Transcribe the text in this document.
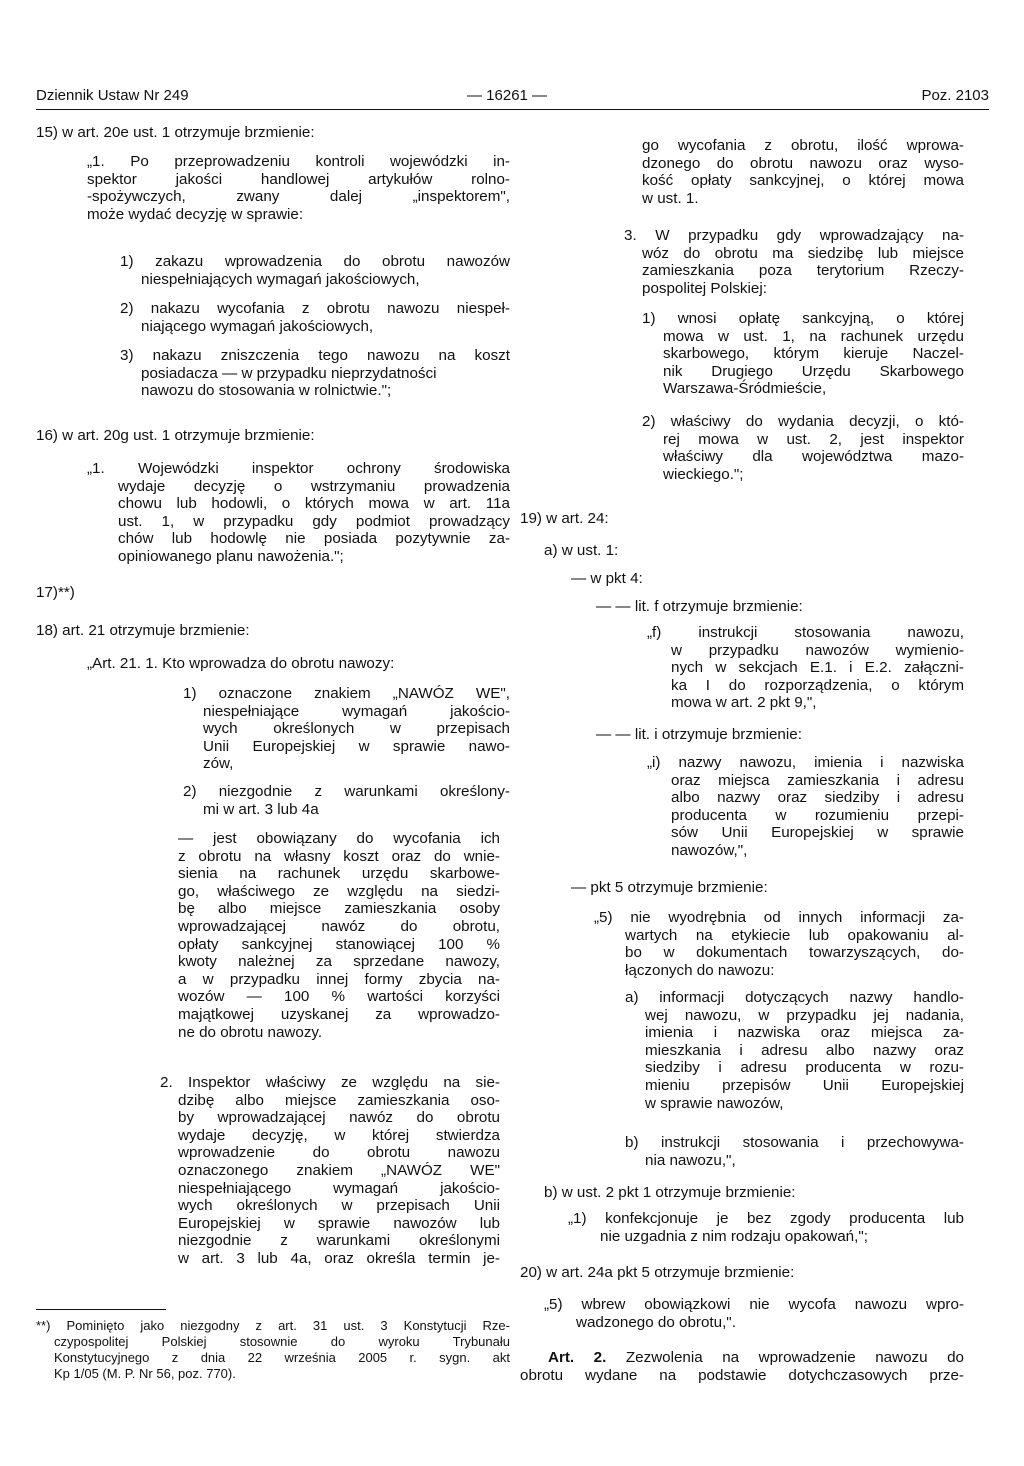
Dziennik Ustaw Nr 249	— 16261 —	Poz. 2103
15) w art. 20e ust. 1 otrzymuje brzmienie:
„1. Po przeprowadzeniu kontroli wojewódzki in-
spektor jakości handlowej artykułów rolno-
-spożywczych, zwany dalej „inspektorem",
może wydać decyzję w sprawie:
1) zakazu wprowadzenia do obrotu nawozów
niespełniających wymagań jakościowych,
2) nakazu wycofania z obrotu nawozu niespeł-
niającego wymagań jakościowych,
3) nakazu zniszczenia tego nawozu na koszt
posiadacza — w przypadku nieprzydatności
nawozu do stosowania w rolnictwie.";
16) w art. 20g ust. 1 otrzymuje brzmienie:
„1. Wojewódzki inspektor ochrony środowiska
wydaje decyzję o wstrzymaniu prowadzenia
chowu lub hodowli, o których mowa w art. 11a
ust. 1, w przypadku gdy podmiot prowadzący
chów lub hodowlę nie posiada pozytywnie za-
opiniowanego planu nawożenia.";
17)**)
18) art. 21 otrzymuje brzmienie:
„Art. 21. 1. Kto wprowadza do obrotu nawozy:
1) oznaczone znakiem „NAWÓZ WE",
niespełniające wymagań jakościo-
wych określonych w przepisach
Unii Europejskiej w sprawie nawo-
zów,
2) niezgodnie z warunkami określony-
mi w art. 3 lub 4a
— jest obowiązany do wycofania ich
z obrotu na własny koszt oraz do wnie-
sienia na rachunek urzędu skarbowe-
go, właściwego ze względu na siedzi-
bę albo miejsce zamieszkania osoby
wprowadzającej nawóz do obrotu,
opłaty sankcyjnej stanowiącej 100 %
kwoty należnej za sprzedane nawozy,
a w przypadku innej formy zbycia na-
wozów — 100 % wartości korzyści
majątkowej uzyskanej za wprowadzo-
ne do obrotu nawozy.
2. Inspektor właściwy ze względu na sie-
dzibę albo miejsce zamieszkania oso-
by wprowadzającej nawóz do obrotu
wydaje decyzję, w której stwierdza
wprowadzenie do obrotu nawozu
oznaczonego znakiem „NAWÓZ WE"
niespełniającego wymagań jakościo-
wych określonych w przepisach Unii
Europejskiej w sprawie nawozów lub
niezgodnie z warunkami określonymi
w art. 3 lub 4a, oraz określa termin je-
**) Pominięto jako niezgodny z art. 31 ust. 3 Konstytucji Rze-
czypospolitej Polskiej stosownie do wyroku Trybunału
Konstytucyjnego z dnia 22 września 2005 r. sygn. akt
Kp 1/05 (M. P. Nr 56, poz. 770).
go wycofania z obrotu, ilość wprowa-
dzonego do obrotu nawozu oraz wyso-
kość opłaty sankcyjnej, o której mowa
w ust. 1.
3. W przypadku gdy wprowadzający na-
wóz do obrotu ma siedzibę lub miejsce
zamieszkania poza terytorium Rzeczy-
pospolitej Polskiej:
1) wnosi opłatę sankcyjną, o której
mowa w ust. 1, na rachunek urzędu
skarbowego, którym kieruje Naczel-
nik Drugiego Urzędu Skarbowego
Warszawa-Śródmieście,
2) właściwy do wydania decyzji, o któ-
rej mowa w ust. 2, jest inspektor
właściwy dla województwa mazo-
wieckiego.";
19) w art. 24:
a) w ust. 1:
— w pkt 4:
— — lit. f otrzymuje brzmienie:
„f) instrukcji stosowania nawozu,
w przypadku nawozów wymienio-
nych w sekcjach E.1. i E.2. załączni-
ka I do rozporządzenia, o którym
mowa w art. 2 pkt 9,",
— — lit. i otrzymuje brzmienie:
„i) nazwy nawozu, imienia i nazwiska
oraz miejsca zamieszkania i adresu
albo nazwy oraz siedziby i adresu
producenta w rozumieniu przepi-
sów Unii Europejskiej w sprawie
nawozów,",
— pkt 5 otrzymuje brzmienie:
„5) nie wyodrębnia od innych informacji za-
wartych na etykiecie lub opakowaniu al-
bo w dokumentach towarzyszących, do-
łączonych do nawozu:
a) informacji dotyczących nazwy handlo-
wej nawozu, w przypadku jej nadania,
imienia i nazwiska oraz miejsca za-
mieszkania i adresu albo nazwy oraz
siedziby i adresu producenta w rozu-
mieniu przepisów Unii Europejskiej
w sprawie nawozów,
b) instrukcji stosowania i przechowywa-
nia nawozu,",
b) w ust. 2 pkt 1 otrzymuje brzmienie:
„1) konfekcjonuje je bez zgody producenta lub
nie uzgadnia z nim rodzaju opakowań,";
20) w art. 24a pkt 5 otrzymuje brzmienie:
„5) wbrew obowiązkowi nie wycofa nawozu wpro-
wadzonego do obrotu,".
Art. 2. Zezwolenia na wprowadzenie nawozu do
obrotu wydane na podstawie dotychczasowych prze-
